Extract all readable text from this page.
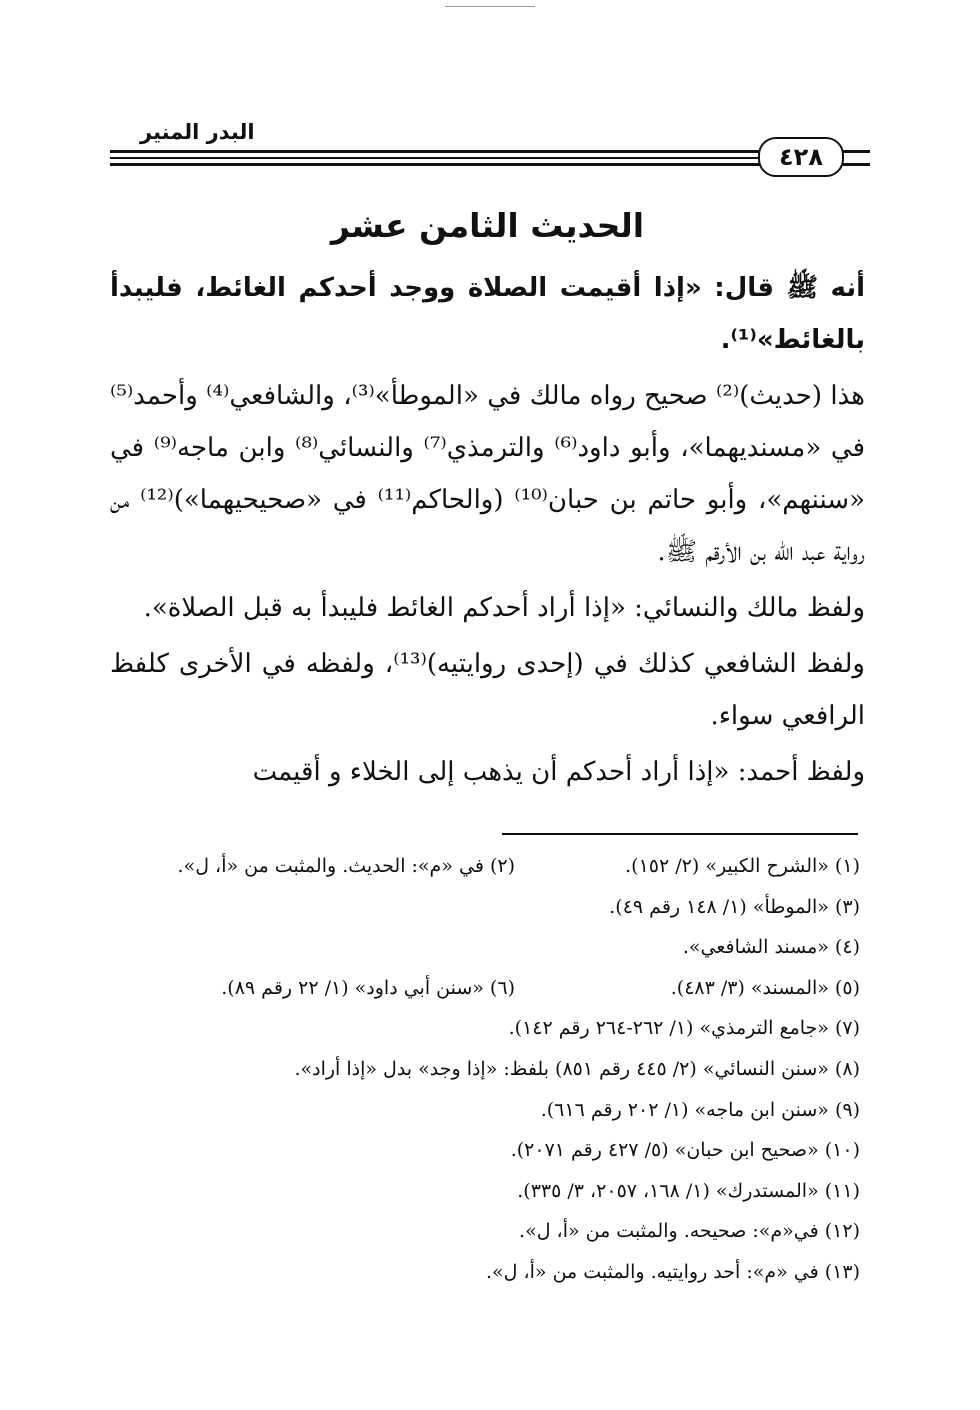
البدر المنير
٤٢٨
الحديث الثامن عشر

أنه ﷺ قال: «إذا أقيمت الصلاة ووجد أحدكم الغائط، فليبدأ بالغائط»⁽¹⁾.

هذا (حديث)⁽²⁾ صحيح رواه مالك في «الموطأ»⁽³⁾، والشافعي⁽⁴⁾ وأحمد⁽⁵⁾ في «مسنديهما»، وأبو داود⁽⁶⁾ والترمذي⁽⁷⁾ والنسائي⁽⁸⁾ وابن ماجه⁽⁹⁾ في «سننهم»، وأبو حاتم بن حبان⁽¹⁰⁾ (والحاكم⁽¹¹⁾ في «صحيحيهما»)⁽¹²⁾ من رواية عبد الله بن الأرقم ﷺ.

ولفظ مالك والنسائي: «إذا أراد أحدكم الغائط فليبدأ به قبل الصلاة».

ولفظ الشافعي كذلك في (إحدى روايتيه)⁽¹³⁾، ولفظه في الأخرى كلفظ الرافعي سواء.

ولفظ أحمد: «إذا أراد أحدكم أن يذهب إلى الخلاء و أقيمت

(١) «الشرح الكبير» (٢/ ١٥٢).
(٢) في «م»: الحديث. والمثبت من «أ، ل».
(٣) «الموطأ» (١/ ١٤٨ رقم ٤٩).
(٤) «مسند الشافعي».
(٥) «المسند» (٣/ ٤٨٣).
(٦) «سنن أبي داود» (١/ ٢٢ رقم ٨٩).
(٧) «جامع الترمذي» (١/ ٢٦٢-٢٦٤ رقم ١٤٢).
(٨) «سنن النسائي» (٢/ ٤٤٥ رقم ٨٥١) بلفظ: «إذا وجد» بدل «إذا أراد».
(٩) «سنن ابن ماجه» (١/ ٢٠٢ رقم ٦١٦).
(١٠) «صحيح ابن حبان» (٥/ ٤٢٧ رقم ٢٠٧١).
(١١) «المستدرك» (١/ ١٦٨، ٢٠٥٧، ٣/ ٣٣٥).
(١٢) في«م»: صحيحه. والمثبت من «أ، ل».
(١٣) في «م»: أحد روايتيه. والمثبت من «أ، ل».
